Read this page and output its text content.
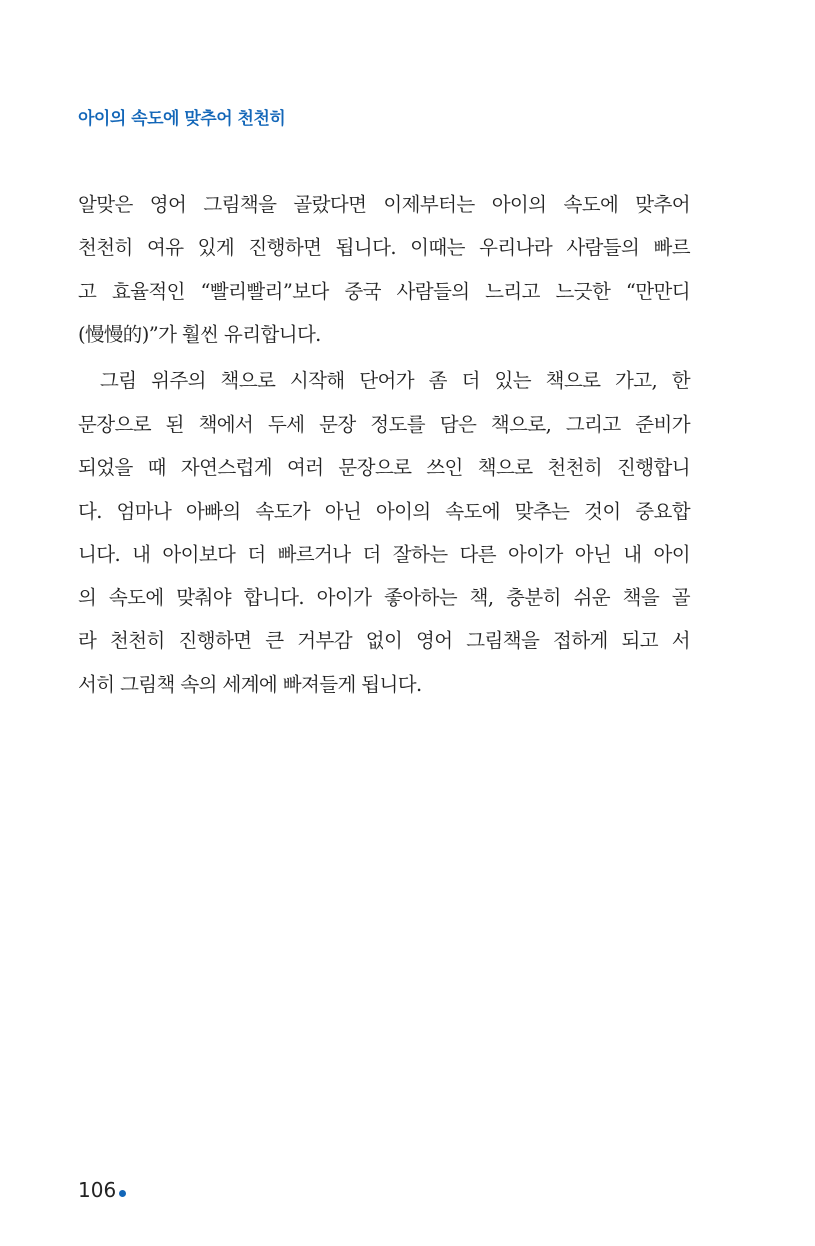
아이의 속도에 맞추어 천천히
알맞은 영어 그림책을 골랐다면 이제부터는 아이의 속도에 맞추어
천천히 여유 있게 진행하면 됩니다. 이때는 우리나라 사람들의 빠르
고 효율적인 “빨리빨리”보다 중국 사람들의 느리고 느긋한 “만만디
(慢慢的)”가 훨씬 유리합니다.
그림 위주의 책으로 시작해 단어가 좀 더 있는 책으로 가고, 한
문장으로 된 책에서 두세 문장 정도를 담은 책으로, 그리고 준비가
되었을 때 자연스럽게 여러 문장으로 쓰인 책으로 천천히 진행합니
다. 엄마나 아빠의 속도가 아닌 아이의 속도에 맞추는 것이 중요합
니다. 내 아이보다 더 빠르거나 더 잘하는 다른 아이가 아닌 내 아이
의 속도에 맞춰야 합니다. 아이가 좋아하는 책, 충분히 쉬운 책을 골
라 천천히 진행하면 큰 거부감 없이 영어 그림책을 접하게 되고 서
서히 그림책 속의 세계에 빠져들게 됩니다.
106
